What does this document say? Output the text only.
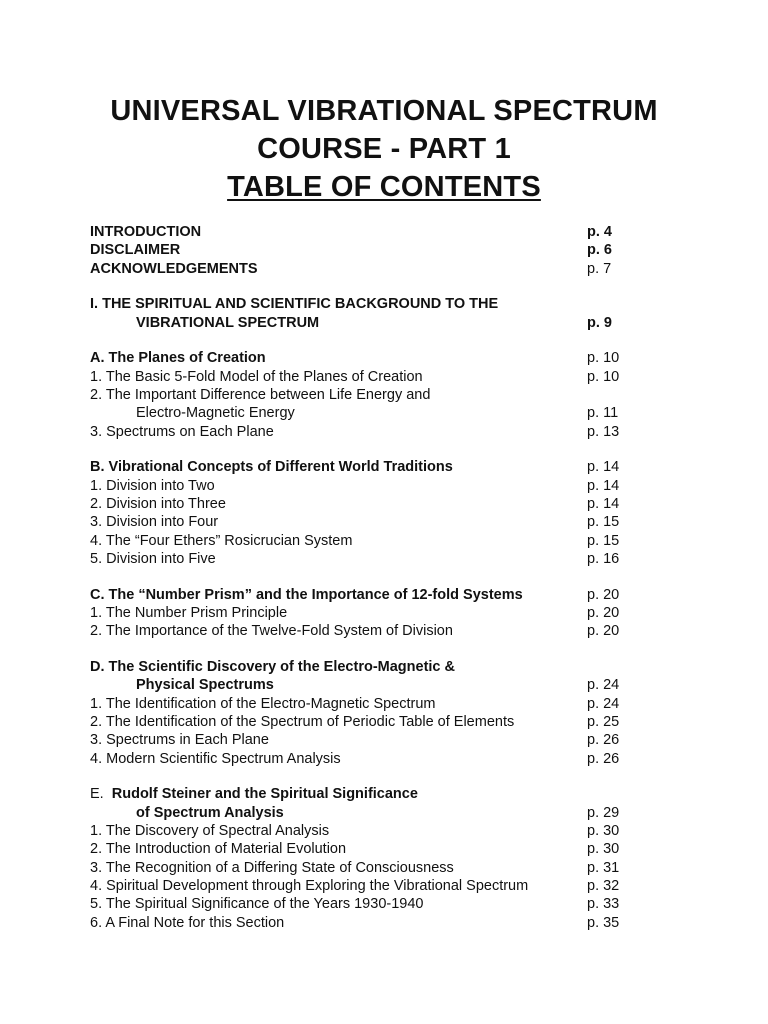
UNIVERSAL VIBRATIONAL SPECTRUM
COURSE - PART 1
TABLE OF CONTENTS
INTRODUCTION	p. 4
DISCLAIMER	p. 6
ACKNOWLEDGEMENTS	p. 7
I. THE SPIRITUAL AND SCIENTIFIC BACKGROUND TO THE
VIBRATIONAL SPECTRUM	p. 9
A. The Planes of Creation	p. 10
1. The Basic 5-Fold Model of the Planes of Creation	p. 10
2. The Important Difference between Life Energy and
Electro-Magnetic Energy	p. 11
3. Spectrums on Each Plane	p. 13
B. Vibrational Concepts of Different World Traditions	p. 14
1. Division into Two	p. 14
2. Division into Three	p. 14
3. Division into Four	p. 15
4. The “Four Ethers” Rosicrucian System	p. 15
5. Division into Five	p. 16
C. The “Number Prism” and the Importance of 12-fold Systems	p. 20
1. The Number Prism Principle	p. 20
2. The Importance of the Twelve-Fold System of Division	p. 20
D. The Scientific Discovery of the Electro-Magnetic &
Physical Spectrums	p. 24
1. The Identification of the Electro-Magnetic Spectrum	p. 24
2. The Identification of the Spectrum of Periodic Table of Elements	p. 25
3. Spectrums in Each Plane	p. 26
4. Modern Scientific Spectrum Analysis	p. 26
E. Rudolf Steiner and the Spiritual Significance
of Spectrum Analysis	p. 29
1. The Discovery of Spectral Analysis	p. 30
2. The Introduction of Material Evolution	p. 30
3. The Recognition of a Differing State of Consciousness	p. 31
4. Spiritual Development through Exploring the Vibrational Spectrum	p. 32
5. The Spiritual Significance of the Years 1930-1940	p. 33
6. A Final Note for this Section	p. 35
